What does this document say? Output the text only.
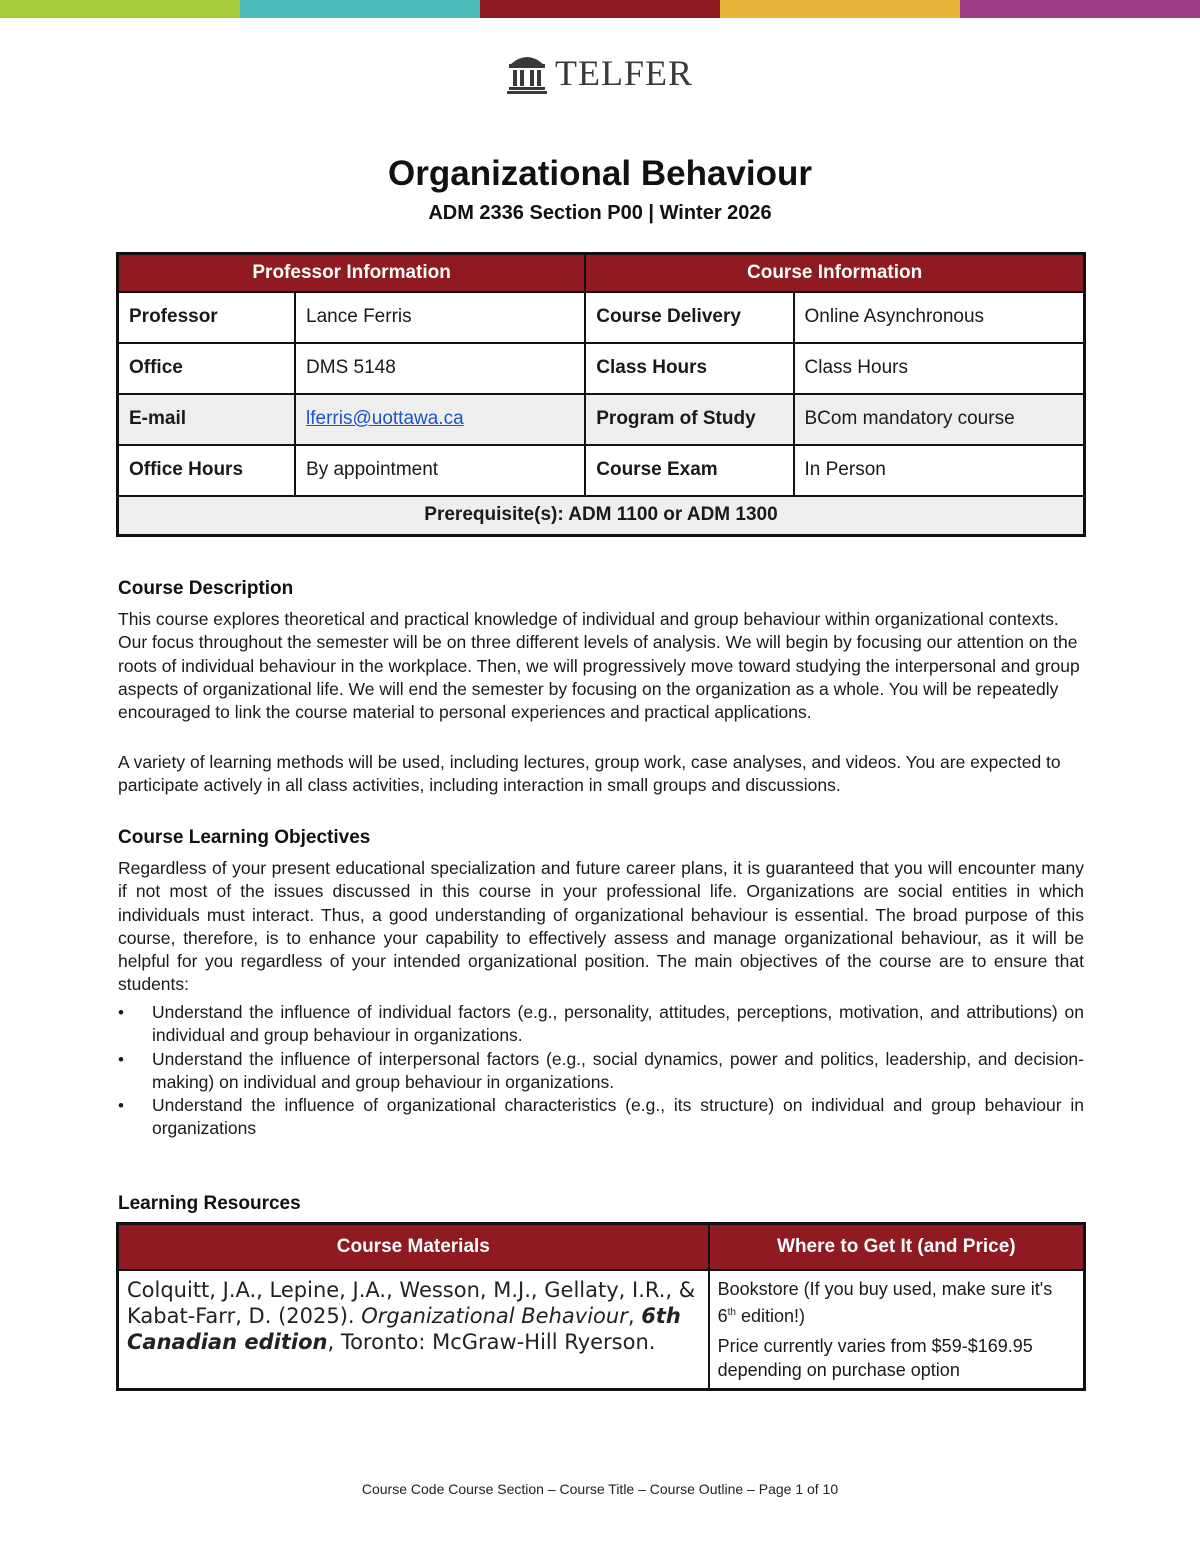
TELFER
Organizational Behaviour
ADM 2336 Section P00 | Winter 2026
Professor Information		Course Information	
Professor	Lance Ferris	Course Delivery	Online Asynchronous
Office	DMS 5148	Class Hours	Class Hours
E-mail	lferris@uottawa.ca	Program of Study	BCom mandatory course
Office Hours	By appointment	Course Exam	In Person
Prerequisite(s): ADM 1100 or ADM 1300			
Course Description
This course explores theoretical and practical knowledge of individual and group behaviour within organizational contexts. Our focus throughout the semester will be on three different levels of analysis. We will begin by focusing our attention on the roots of individual behaviour in the workplace. Then, we will progressively move toward studying the interpersonal and group aspects of organizational life. We will end the semester by focusing on the organization as a whole. You will be repeatedly encouraged to link the course material to personal experiences and practical applications.
A variety of learning methods will be used, including lectures, group work, case analyses, and videos. You are expected to participate actively in all class activities, including interaction in small groups and discussions.
Course Learning Objectives
Regardless of your present educational specialization and future career plans, it is guaranteed that you will encounter many if not most of the issues discussed in this course in your professional life. Organizations are social entities in which individuals must interact. Thus, a good understanding of organizational behaviour is essential. The broad purpose of this course, therefore, is to enhance your capability to effectively assess and manage organizational behaviour, as it will be helpful for you regardless of your intended organizational position. The main objectives of the course are to ensure that students:
• Understand the influence of individual factors (e.g., personality, attitudes, perceptions, motivation, and attributions) on individual and group behaviour in organizations.
• Understand the influence of interpersonal factors (e.g., social dynamics, power and politics, leadership, and decision-making) on individual and group behaviour in organizations.
• Understand the influence of organizational characteristics (e.g., its structure) on individual and group behaviour in organizations
Learning Resources
Course Materials	Where to Get It (and Price)

Colquitt, J.A., Lepine, J.A., Wesson, M.J., Gellaty, I.R., & Kabat-Farr, D. (2025). Organizational Behaviour, 6th Canadian edition, Toronto: McGraw-Hill Ryerson.	Bookstore (If you buy used, make sure it's 6th edition!)

Price currently varies from $59-$169.95 depending on purchase option

Course Code Course Section – Course Title – Course Outline – Page 1 of 10
